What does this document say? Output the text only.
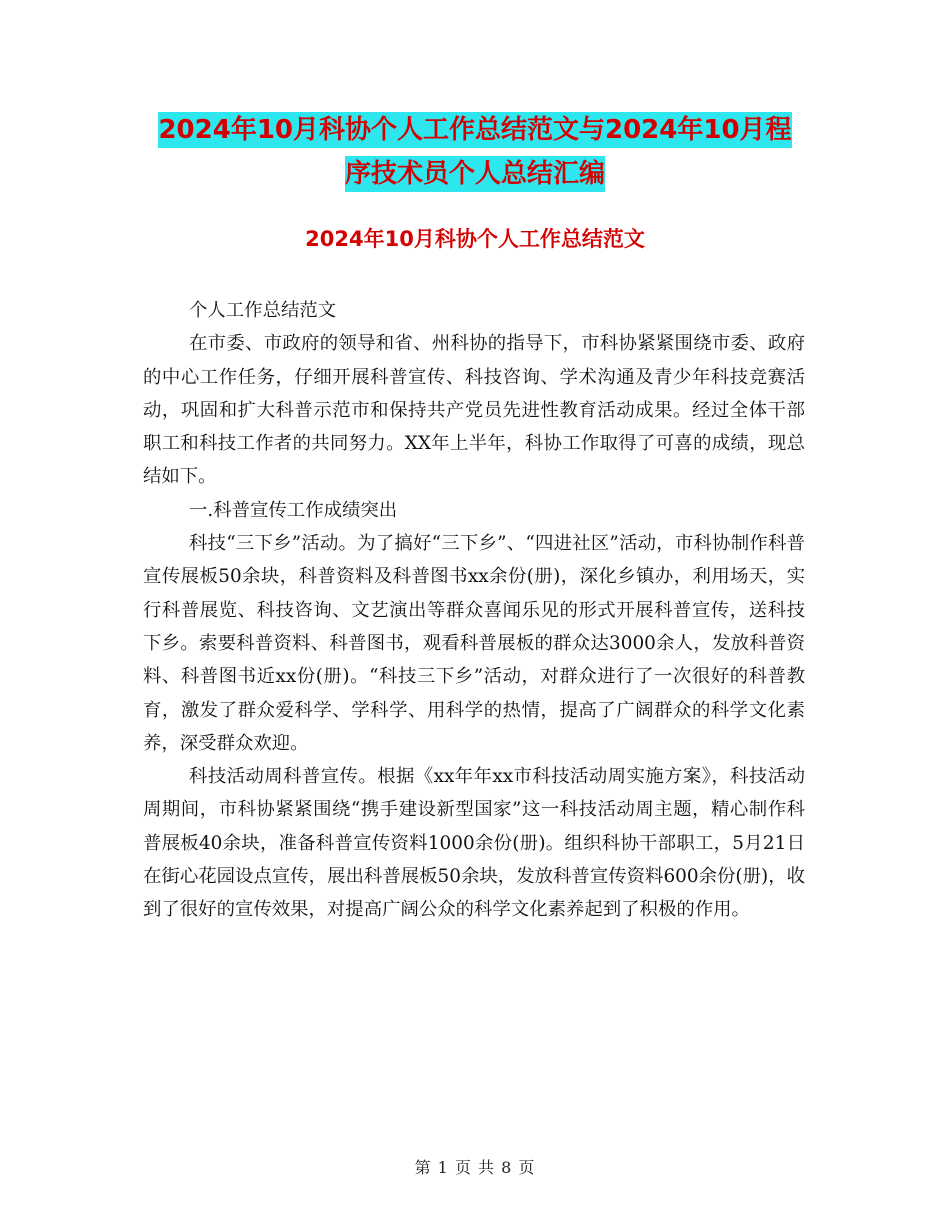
2024年10月科协个人工作总结范文与2024年10月程
序技术员个人总结汇编
2024年10月科协个人工作总结范文

个人工作总结范文

在市委、市政府的领导和省、州科协的指导下，市科协紧紧围绕市委、政府的中心工作任务，仔细开展科普宣传、科技咨询、学术沟通及青少年科技竞赛活动，巩固和扩大科普示范市和保持共产党员先进性教育活动成果。经过全体干部职工和科技工作者的共同努力。XX年上半年，科协工作取得了可喜的成绩，现总结如下。

一.科普宣传工作成绩突出

科技“三下乡”活动。为了搞好“三下乡”、“四进社区”活动，市科协制作科普宣传展板50余块，科普资料及科普图书xx余份(册)，深化乡镇办，利用场天，实行科普展览、科技咨询、文艺演出等群众喜闻乐见的形式开展科普宣传，送科技下乡。索要科普资料、科普图书，观看科普展板的群众达3000余人，发放科普资料、科普图书近xx份(册)。“科技三下乡”活动，对群众进行了一次很好的科普教育，激发了群众爱科学、学科学、用科学的热情，提高了广阔群众的科学文化素养，深受群众欢迎。

科技活动周科普宣传。根据《xx年年xx市科技活动周实施方案》，科技活动周期间，市科协紧紧围绕“携手建设新型国家”这一科技活动周主题，精心制作科普展板40余块，准备科普宣传资料1000余份(册)。组织科协干部职工，5月21日在街心花园设点宣传，展出科普展板50余块，发放科普宣传资料600余份(册)，收到了很好的宣传效果，对提高广阔公众的科学文化素养起到了积极的作用。

第 1 页 共 8 页
